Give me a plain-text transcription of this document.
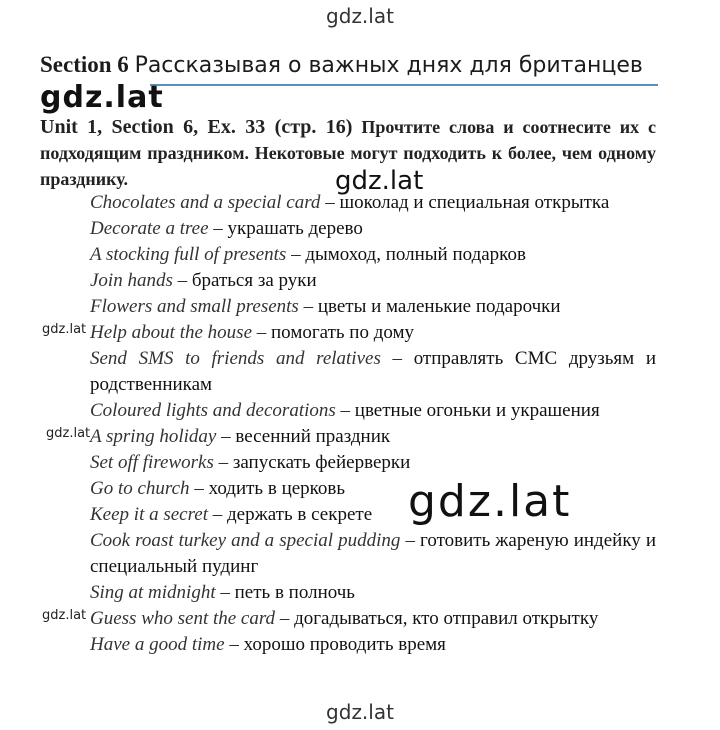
gdz.lat
Section 6 Рассказывая о важных днях для британцев
gdz.lat
Unit 1, Section 6, Ex. 33 (стр. 16) Прочтите слова и соотнесите их с подходящим праздником. Некотовые могут подходить к более, чем одному празднику.	gdz.lat
Chocolates and a special card – шоколад и специальная открытка
Decorate a tree – украшать дерево
A stocking full of presents – дымоход, полный подарков
Join hands – браться за руки
Flowers and small presents – цветы и маленькие подарочки
Help about the house – помогать по дому
Send SMS to friends and relatives – отправлять СМС друзьям и родственникам
Coloured lights and decorations – цветные огоньки и украшения
A spring holiday – весенний праздник
Set off fireworks – запускать фейерверки
Go to church – ходить в церковь
Keep it a secret – держать в секрете
Cook roast turkey and a special pudding – готовить жареную индейку и специальный пудинг
Sing at midnight – петь в полночь
Guess who sent the card – догадываться, кто отправил открытку
Have a good time – хорошо проводить время
gdz.lat
gdz.lat
gdz.lat
gdz.lat
gdz.lat
